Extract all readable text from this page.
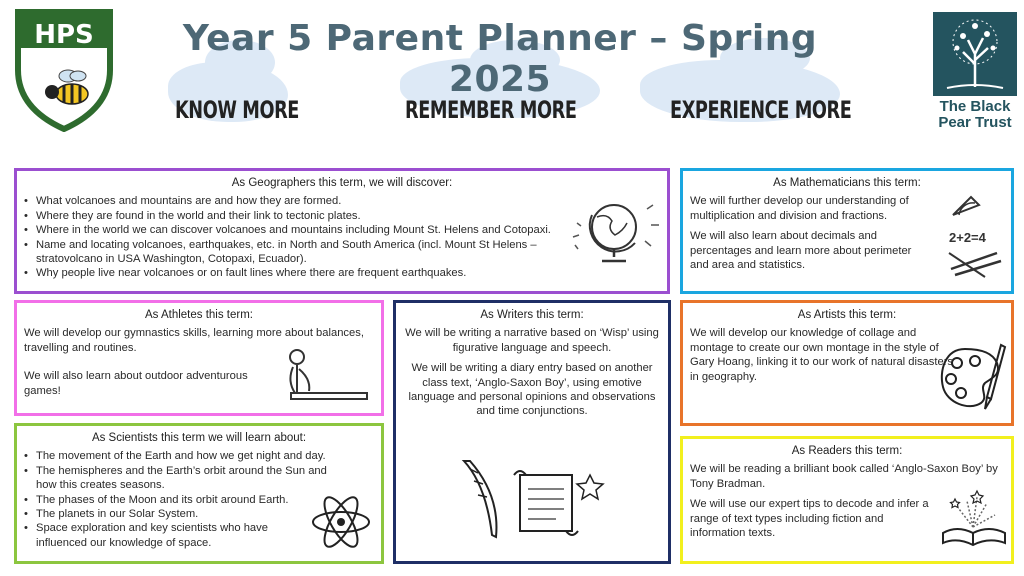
HPS	Year 5 Parent Planner – Spring 2025
KNOW MORE	REMEMBER MORE	EXPERIENCE MORE	The Black
Pear Trust
As Geographers this term, we will discover:
• What volcanoes and mountains are and how they are formed.
• Where they are found in the world and their link to tectonic plates.
• Where in the world we can discover volcanoes and mountains including Mount St. Helens and Cotopaxi.
• Name and locating volcanoes, earthquakes, etc. in North and South America (incl. Mount St Helens –stratovolcano in USA Washington, Cotopaxi, Ecuador).
• Why people live near volcanoes or on fault lines where there are frequent earthquakes.
As Mathematicians this term:

We will further develop our understanding of multiplication and division and fractions.

We will also learn about decimals and percentages and learn more about perimeter and area and statistics.

2+2=4
As Athletes this term:

We will develop our gymnastics skills, learning more about balances, travelling and routines.

We will also learn about outdoor adventurous games!

As Writers this term:

We will be writing a narrative based on ‘Wisp’ using figurative language and speech.

We will be writing a diary entry based on another class text, ‘Anglo-Saxon Boy’, using emotive language and personal opinions and observations and time conjunctions.

As Artists this term:

We will develop our knowledge of collage and montage to create our own montage in the style of Gary Hoang, linking it to our work of natural disasters in geography.

As Scientists this term we will learn about:
• The movement of the Earth and how we get night and day.
• The hemispheres and the Earth’s orbit around the Sun and how this creates seasons.
• The phases of the Moon and its orbit around Earth.
• The planets in our Solar System.
• Space exploration and key scientists who have influenced our knowledge of space.
As Readers this term:

We will be reading a brilliant book called ‘Anglo-Saxon Boy’ by Tony Bradman.

We will use our expert tips to decode and infer a range of text types including fiction and information texts.
